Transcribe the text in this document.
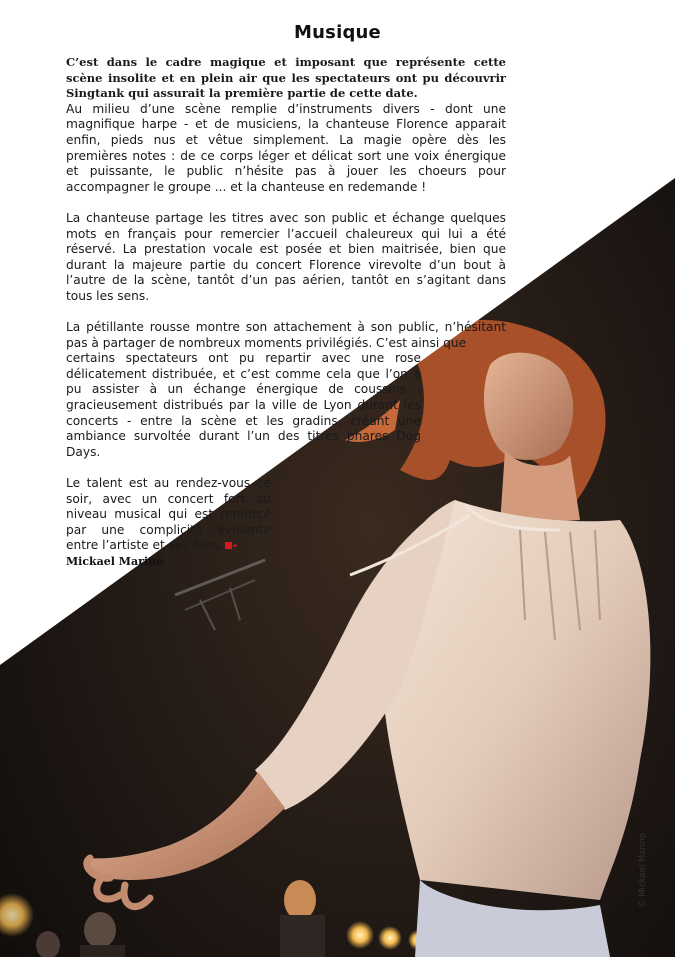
Musique

C’est dans le cadre magique et imposant que représente cette scène insolite et en plein air que les spectateurs ont pu découvrir Singtank qui assurait la première partie de cette date.

Au milieu d’une scène remplie d’instruments divers - dont une magnifique harpe - et de musiciens, la chanteuse Florence apparait enfin, pieds nus et vêtue simplement. La magie opère dès les premières notes : de ce corps léger et délicat sort une voix énergique et puissante, le public n’hésite pas à jouer les choeurs pour accompagner le groupe ... et la chanteuse en redemande !

La chanteuse partage les titres avec son public et échange quelques mots en français pour remercier l’accueil chaleureux qui lui a été réservé. La prestation vocale est posée et bien maitrisée, bien que durant la majeure partie du concert Florence virevolte d’un bout à l’autre de la scène, tantôt d’un pas aérien, tantôt en s’agitant dans tous les sens.

La pétillante rousse montre son attachement à son public, n’hésitant pas à partager de nombreux moments privilégiés. C’est ainsi que

certains spectateurs ont pu repartir avec une rose délicatement distribuée, et c’est comme cela que l’on a pu assister à un échange énergique de coussins - gracieusement distribués par la ville de Lyon durant les concerts - entre la scène et les gradins, créant une ambiance survoltée durant l’un des titres phares Dog Days.

Le talent est au rendez-vous ce soir, avec un concert fort au niveau musical qui est renforcé par une complicité évidente entre l’artiste et ses fans. -

Mickael Marino

© Mickael Marino
